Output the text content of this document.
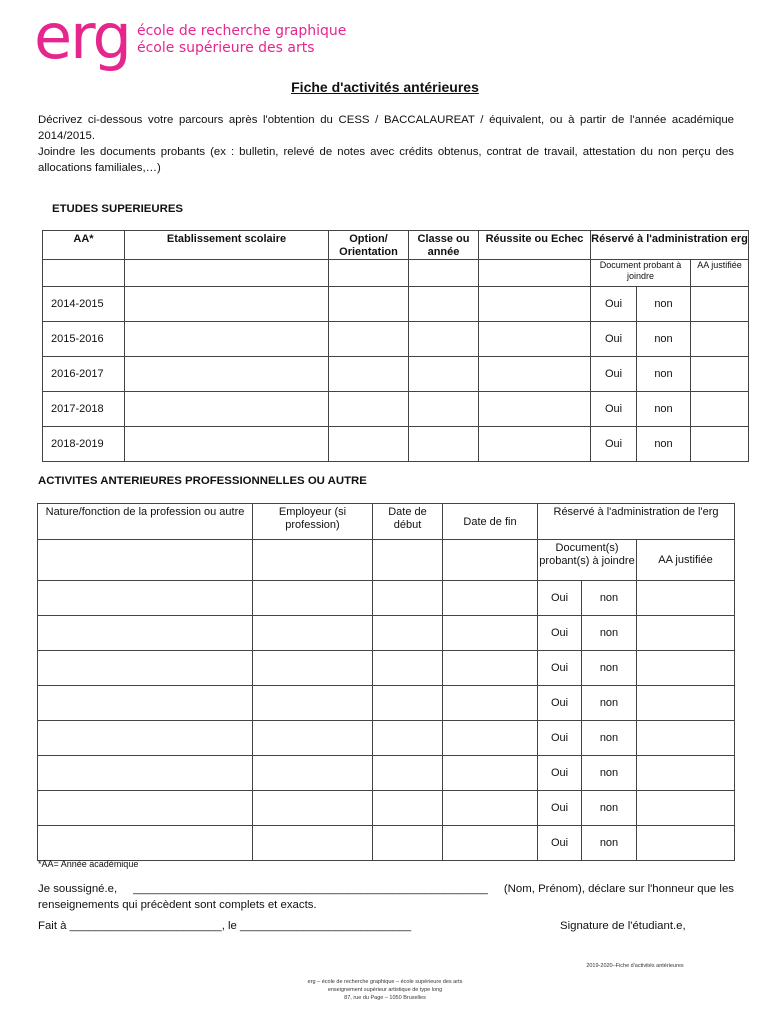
erg école de recherche graphique
école supérieure des arts
Fiche d'activités antérieures

Décrivez ci-dessous votre parcours après l'obtention du CESS / BACCALAUREAT / équivalent, ou à partir de l'année académique 2014/2015.

Joindre les documents probants (ex : bulletin, relevé de notes avec crédits obtenus, contrat de travail, attestation du non perçu des allocations familiales,…)

ETUDES SUPERIEURES
AA*	Etablissement scolaire	Option/ Orientation	Classe ou année	Réussite ou Echec	Réservé à l'administration erg		
					Document probant à joindre		AA justifiée
2014-2015					Oui	non	
2015-2016					Oui	non	
2016-2017					Oui	non	
2017-2018					Oui	non	
2018-2019					Oui	non	
ACTIVITES ANTERIEURES PROFESSIONNELLES OU AUTRE
Nature/fonction de la profession ou autre	Employeur (si profession)	Date de début	Date de fin	Réservé à l'administration de l'erg		
				Document(s) probant(s) à joindre		AA justifiée
				Oui	non	
				Oui	non	
				Oui	non	
				Oui	non	
				Oui	non	
				Oui	non	
				Oui	non	
				Oui	non	
*AA= Année académique
Je soussigné.e, ________________________________________________________ (Nom, Prénom), déclare sur l'honneur que les
renseignements qui précèdent sont complets et exacts.
Fait à ________________________, le ___________________________	Signature de l'étudiant.e,
2019-2020–Fiche d'activités antérieures
erg – école de recherche graphique – école supérieure des arts
enseignement supérieur artistique de type long
87, rue du Page – 1050 Bruxelles
